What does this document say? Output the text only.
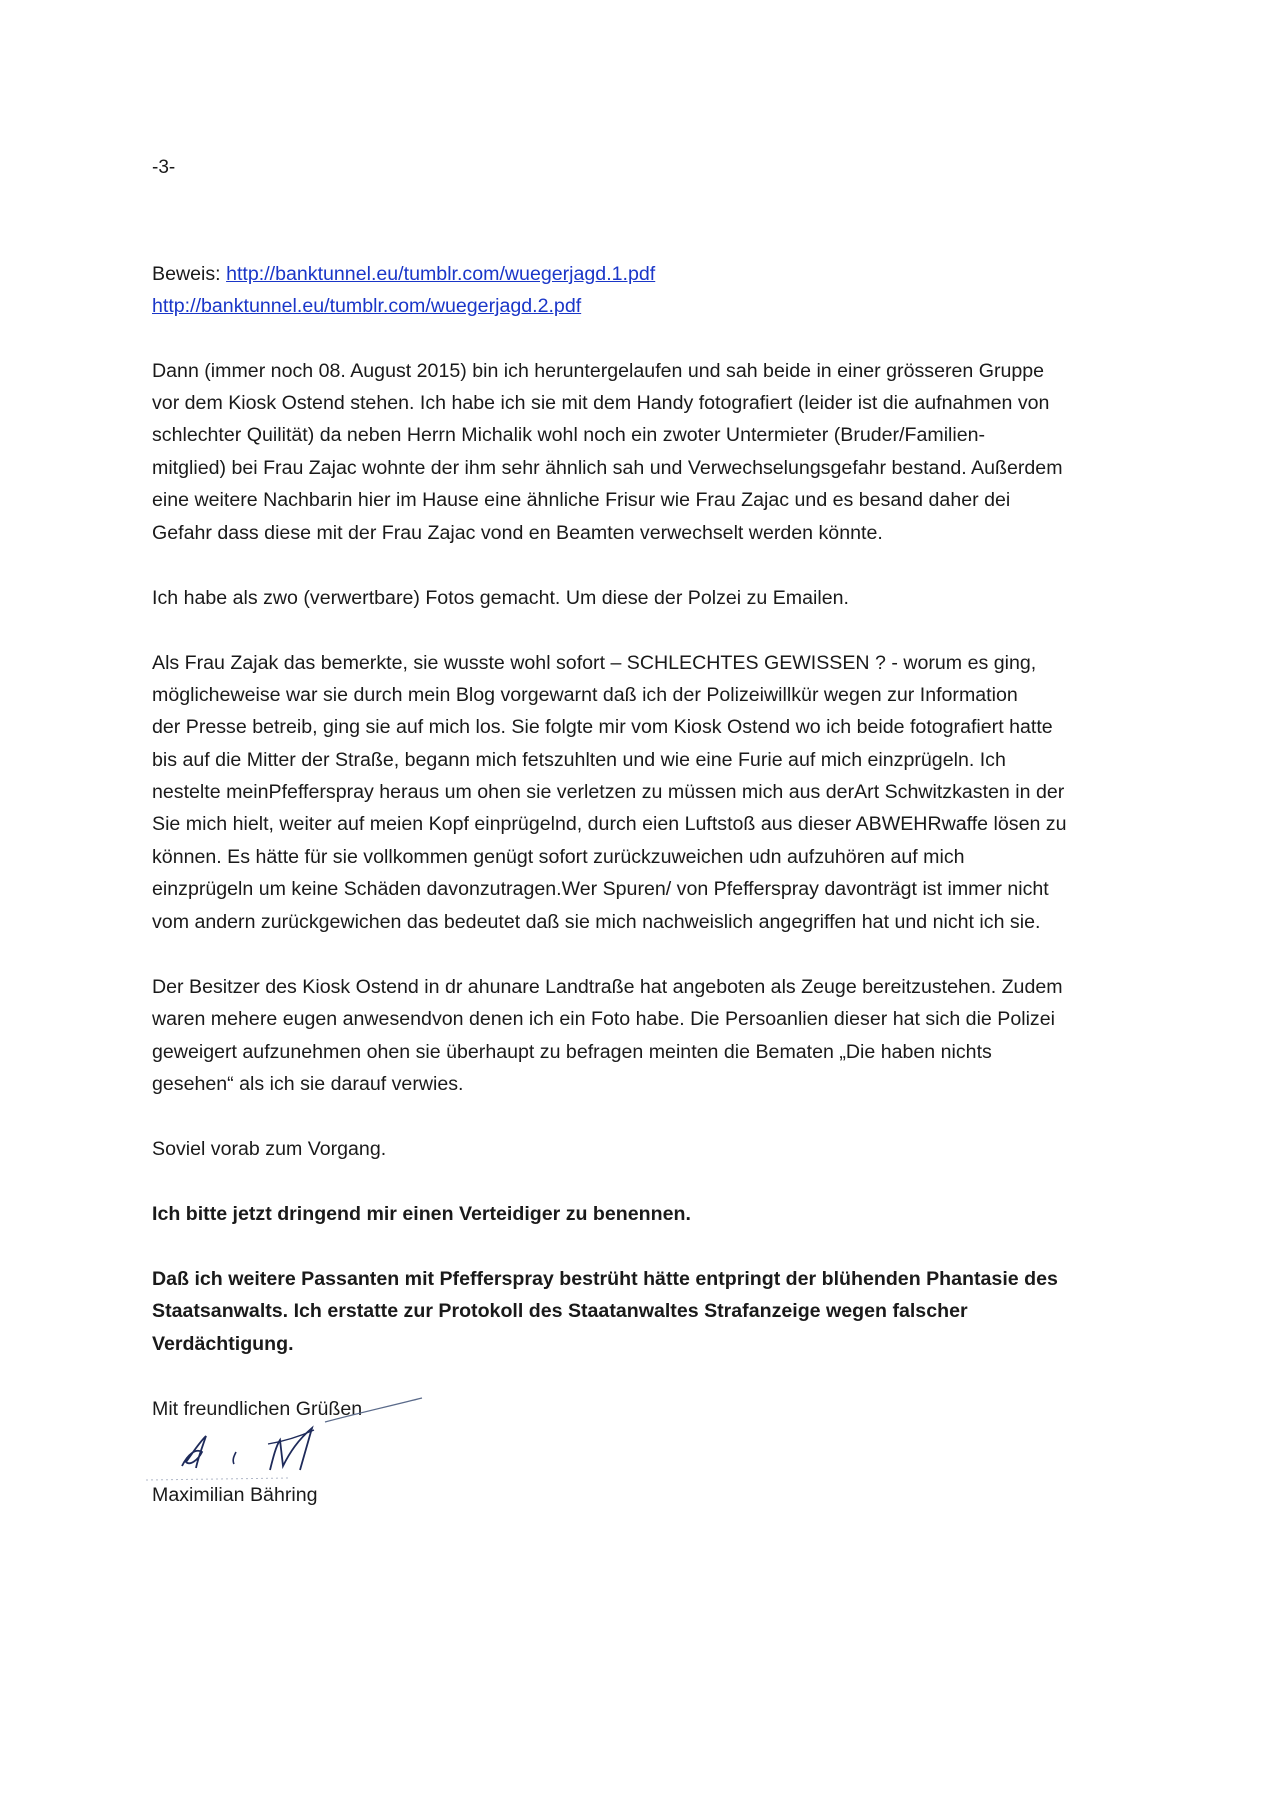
-3-
Beweis: http://banktunnel.eu/tumblr.com/wuegerjagd.1.pdf
http://banktunnel.eu/tumblr.com/wuegerjagd.2.pdf
Dann (immer noch 08. August 2015) bin ich heruntergelaufen und sah beide in einer grösseren Gruppe
vor dem Kiosk Ostend stehen. Ich habe ich sie mit dem Handy fotografiert (leider ist die aufnahmen von
schlechter Quilität) da neben Herrn Michalik wohl noch ein zwoter Untermieter (Bruder/Familien-
mitglied) bei Frau Zajac wohnte der ihm sehr ähnlich sah und Verwechselungsgefahr bestand. Außerdem
eine weitere Nachbarin hier im Hause eine ähnliche Frisur wie Frau Zajac und es besand daher dei
Gefahr dass diese mit der Frau Zajac vond en Beamten verwechselt werden könnte.
Ich habe als zwo (verwertbare) Fotos gemacht. Um diese der Polzei zu Emailen.
Als Frau Zajak das bemerkte, sie wusste wohl sofort – SCHLECHTES GEWISSEN ? - worum es ging,
möglicheweise war sie durch mein Blog vorgewarnt daß ich der Polizeiwillkür wegen zur Information
der Presse betreib, ging sie auf mich los. Sie folgte mir vom Kiosk Ostend wo ich beide fotografiert hatte
bis auf die Mitter der Straße, begann mich fetszuhlten und wie eine Furie auf mich einzprügeln. Ich
nestelte meinPfefferspray heraus um ohen sie verletzen zu müssen mich aus derArt Schwitzkasten in der
Sie mich hielt, weiter auf meien Kopf einprügelnd, durch eien Luftstoß aus dieser ABWEHRwaffe lösen zu
können. Es hätte für sie vollkommen genügt sofort zurückzuweichen udn aufzuhören auf mich
einzprügeln um keine Schäden davonzutragen.Wer Spuren/ von Pfefferspray davonträgt ist immer nicht
vom andern zurückgewichen das bedeutet daß sie mich nachweislich angegriffen hat und nicht ich sie.
Der Besitzer des Kiosk Ostend in dr ahunare Landtraße hat angeboten als Zeuge bereitzustehen. Zudem
waren mehere eugen anwesendvon denen ich ein Foto habe. Die Persoanlien dieser hat sich die Polizei
geweigert aufzunehmen ohen sie überhaupt zu befragen meinten die Bematen „Die haben nichts
gesehen“ als ich sie darauf verwies.
Soviel vorab zum Vorgang.
Ich bitte jetzt dringend mir einen Verteidiger zu benennen.
Daß ich weitere Passanten mit Pfefferspray bestrüht hätte entpringt der blühenden Phantasie des
Staatsanwalts. Ich erstatte zur Protokoll des Staatanwaltes Strafanzeige wegen falscher
Verdächtigung.
Mit freundlichen Grüßen
Maximilian Bähring
